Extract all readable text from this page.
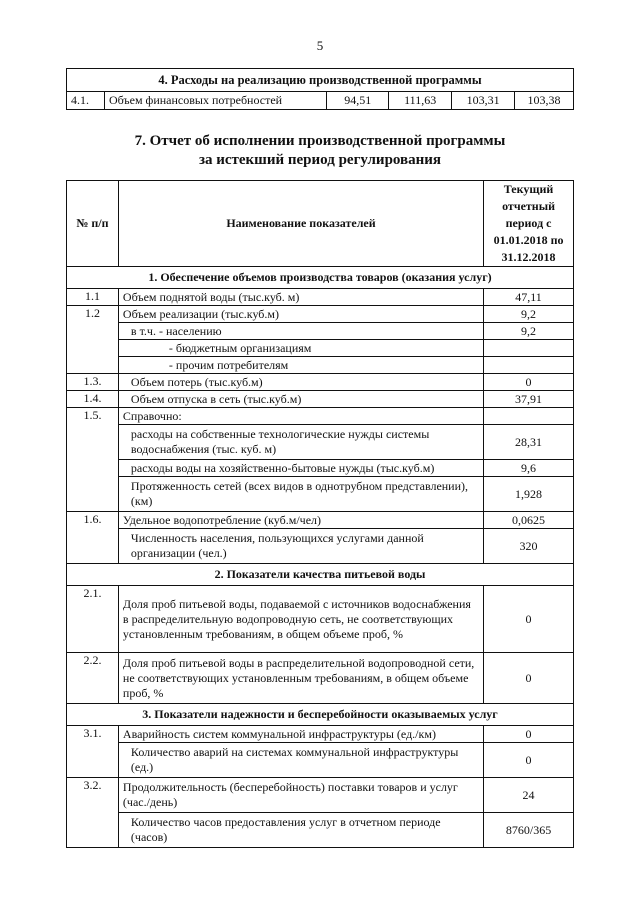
5
4. Расходы на реализацию производственной программы
4.1.	Объем финансовых потребностей	94,51	111,63	103,31	103,38
7. Отчет об исполнении производственной программы
за истекший период регулирования
№ п/п	Наименование показателей	Текущий отчетный период с 01.01.2018 по 31.12.2018
1. Обеспечение объемов производства товаров (оказания услуг)		
1.1	Объем поднятой воды (тыс.куб. м)	47,11
1.2	Объем реализации (тыс.куб.м)	9,2
	в т.ч. - населению	9,2
	- бюджетным организациям	
	- прочим потребителям	
1.3.	Объем потерь (тыс.куб.м)	0
1.4.	Объем отпуска в сеть (тыс.куб.м)	37,91
1.5.	Справочно:	
	расходы на собственные технологические нужды системы водоснабжения (тыс. куб. м)	28,31
	расходы воды на хозяйственно-бытовые нужды (тыс.куб.м)	9,6
	Протяженность сетей (всех видов в однотрубном представлении), (км)	1,928
1.6.	Удельное водопотребление (куб.м/чел)	0,0625
	Численность населения, пользующихся услугами данной организации (чел.)	320
2. Показатели качества питьевой воды		
2.1.	Доля проб питьевой воды, подаваемой с источников водоснабжения в распределительную водопроводную сеть, не соответствующих установленным требованиям, в общем объеме проб, %	0
2.2.	Доля проб питьевой воды в распределительной водопроводной сети, не соответствующих установленным требованиям, в общем объеме проб, %	0
3. Показатели надежности и бесперебойности оказываемых услуг		
3.1.	Аварийность систем коммунальной инфраструктуры (ед./км)	0
	Количество аварий на системах коммунальной инфраструктуры (ед.)	0
3.2.	Продолжительность (бесперебойность) поставки товаров и услуг (час./день)	24
	Количество часов предоставления услуг в отчетном периоде (часов)	8760/365
